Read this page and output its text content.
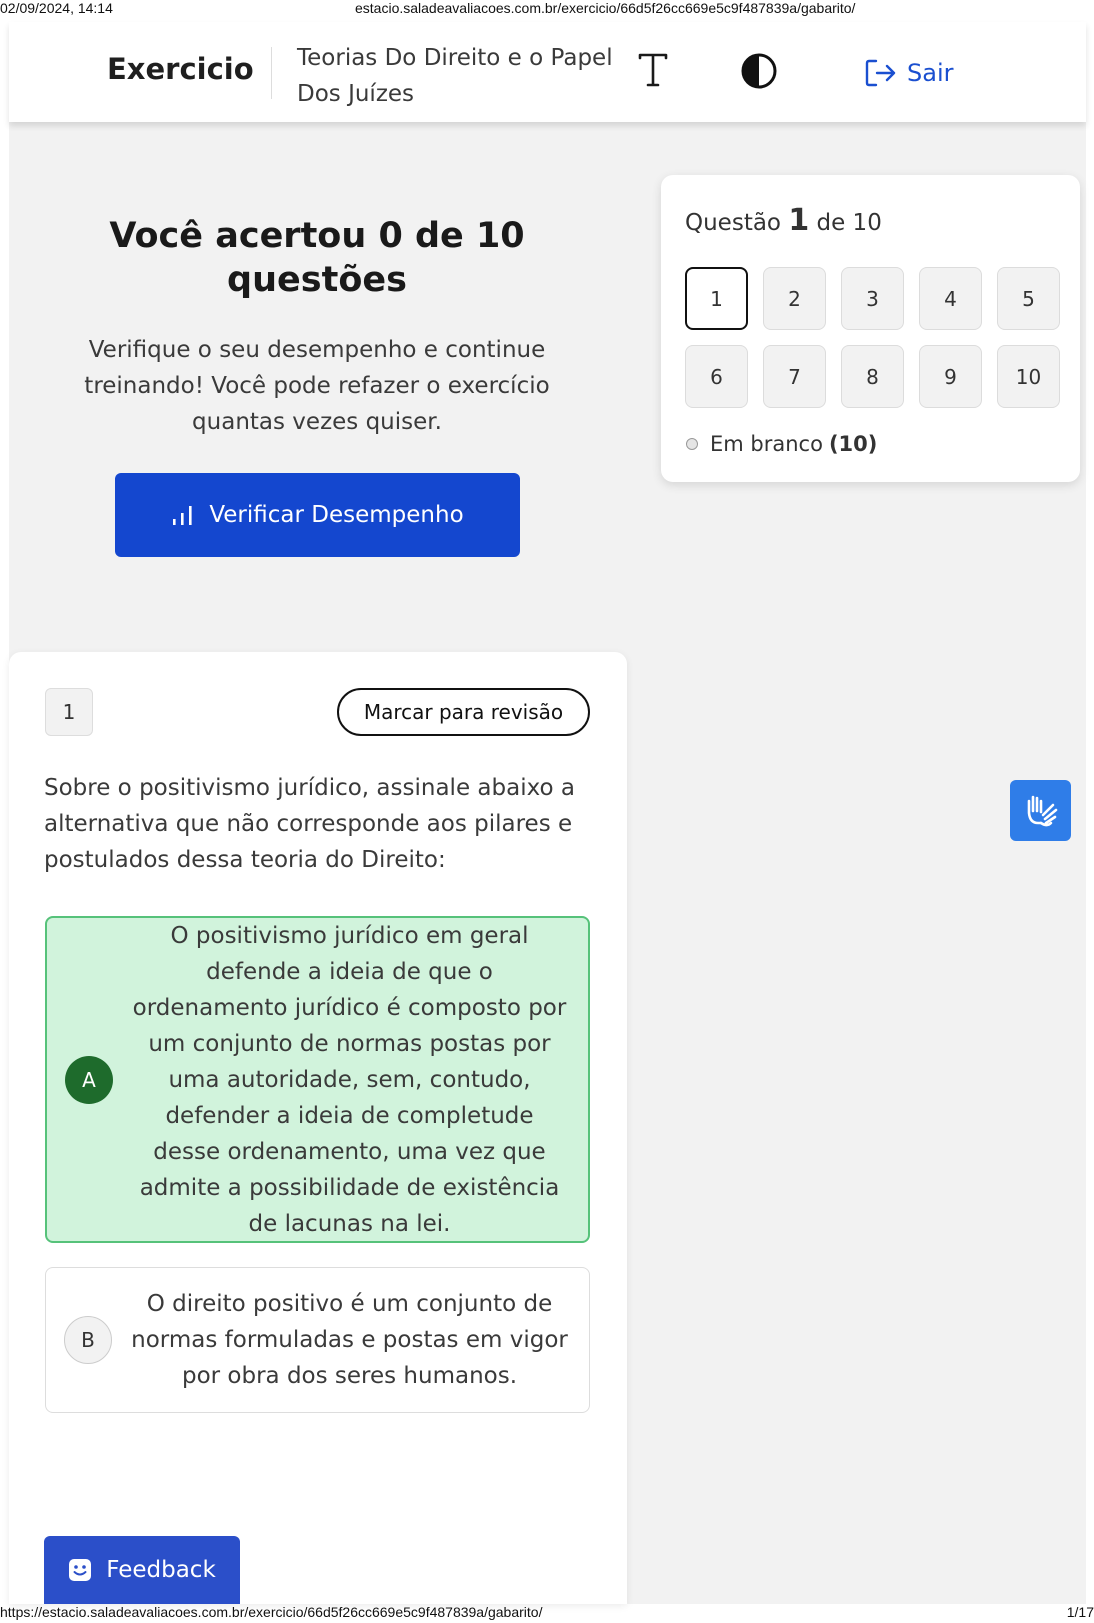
02/09/2024, 14:14	estacio.saladeavaliacoes.com.br/exercicio/66d5f26cc669e5c9f487839a/gabarito/
Exercicio Teorias Do Direito e o Papel Dos Juízes
Sair
Você acertou 0 de 10 questões
Verifique o seu desempenho e continue treinando! Você pode refazer o exercício quantas vezes quiser.
Verificar Desempenho
Questão 1 de 10
1	2	3	4	5
6	7	8	9	10
Em branco (10)
1	Marcar para revisão
Sobre o positivismo jurídico, assinale abaixo a alternativa que não corresponde aos pilares e postulados dessa teoria do Direito:
A
O positivismo jurídico em geral defende a ideia de que o ordenamento jurídico é composto por um conjunto de normas postas por uma autoridade, sem, contudo, defender a ideia de completude desse ordenamento, uma vez que admite a possibilidade de existência de lacunas na lei.
B
O direito positivo é um conjunto de normas formuladas e postas em vigor por obra dos seres humanos.
Feedback
https://estacio.saladeavaliacoes.com.br/exercicio/66d5f26cc669e5c9f487839a/gabarito/	1/17
